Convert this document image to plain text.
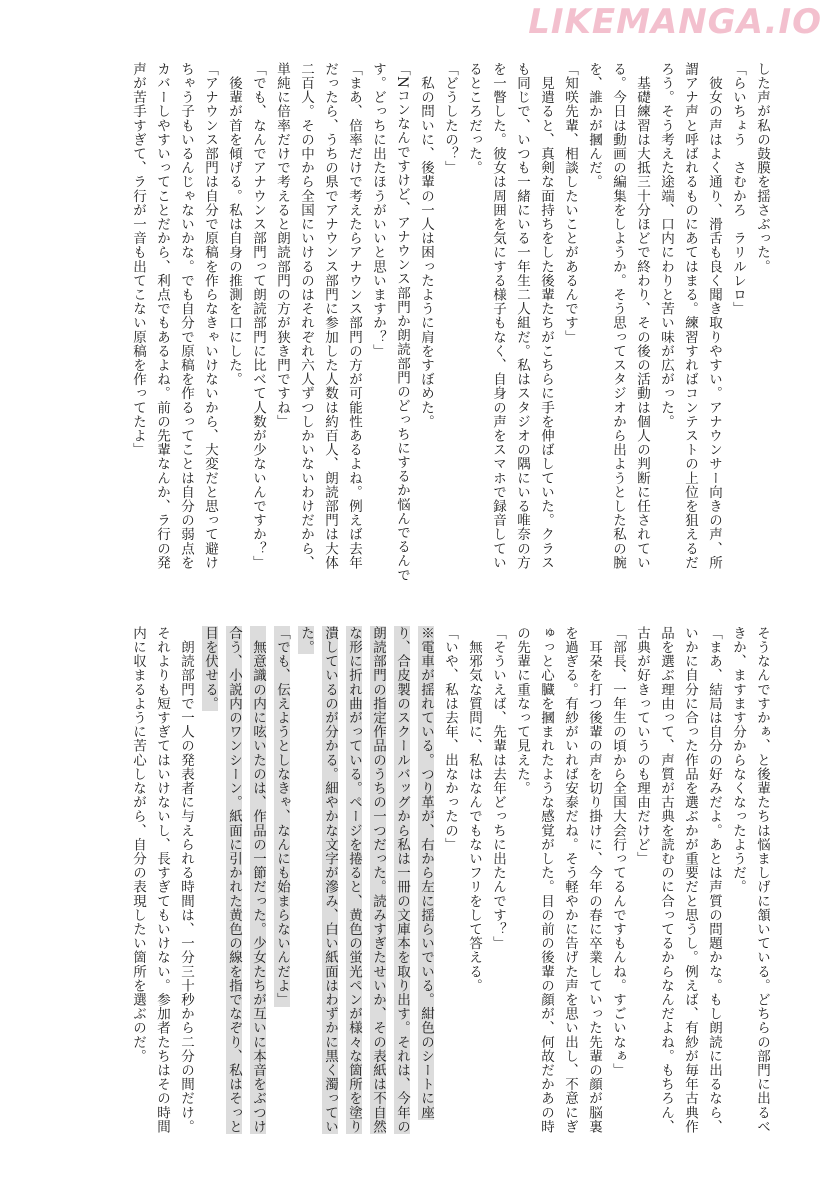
LIKEMANGA.IO

した声が私の鼓膜を揺さぶった。

「らいちょう　さむかろ　ラリルレロ」

　彼女の声はよく通り、滑舌も良く聞き取りやすい。アナウンサー向きの声、所謂アナ声と呼ばれるものにあてはまる。練習すればコンテストの上位を狙えるだろう。そう考えた途端、口内にわりと苦い味が広がった。

　基礎練習は大抵三十分ほどで終わり、その後の活動は個人の判断に任されている。今日は動画の編集をしようか。そう思ってスタジオから出ようとした私の腕を、誰かが摑んだ。

「知咲先輩、相談したいことがあるんです」

　見遣ると、真剣な面持ちをした後輩たちがこちらに手を伸ばしていた。クラスも同じで、いつも一緒にいる一年生二人組だ。私はスタジオの隅にいる唯奈の方を一瞥した。彼女は周囲を気にする様子もなく、自身の声をスマホで録音しているところだった。

「どうしたの？」

　私の問いに、後輩の一人は困ったように肩をすぼめた。

「Nコンなんですけど、アナウンス部門か朗読部門のどっちにするか悩んでるんです。どっちに出たほうがいいと思いますか？」

「まあ、倍率だけで考えたらアナウンス部門の方が可能性あるよね。例えば去年だったら、うちの県でアナウンス部門に参加した人数は約百人、朗読部門は大体二百人。その中から全国にいけるのはそれぞれ六人ずつしかいないわけだから、単純に倍率だけで考えると朗読部門の方が狭き門ですね」

「でも、なんでアナウンス部門って朗読部門に比べて人数が少ないんですか？」

　後輩が首を傾げる。私は自身の推測を口にした。

「アナウンス部門は自分で原稿を作らなきゃいけないから、大変だと思って避けちゃう子もいるんじゃないかな。でも自分で原稿を作るってことは自分の弱点をカバーしやすいってことだから、利点でもあるよね。前の先輩なんか、ラ行の発声が苦手すぎて、ラ行が一音も出てこない原稿を作ってたよ」

そうなんですかぁ、と後輩たちは悩ましげに頷いている。どちらの部門に出るべきか、ますます分からなくなったようだ。

「まあ、結局は自分の好みだよ。あとは声質の問題かな。もし朗読に出るなら、いかに自分に合った作品を選ぶかが重要だと思うし。例えば、有紗が毎年古典作品を選ぶ理由って、声質が古典を読むのに合ってるからなんだよね。もちろん、古典が好きっていうのも理由だけど」

「部長、一年生の頃から全国大会行ってるんですもんね。すごいなぁ」

　耳朶を打つ後輩の声を切り掛けに、今年の春に卒業していった先輩の顔が脳裏を過ぎる。有紗がいれば安泰だね。そう軽やかに告げた声を思い出し、不意にぎゅっと心臓を摑まれたような感覚がした。目の前の後輩の顔が、何故だかあの時の先輩に重なって見えた。

「そういえば、先輩は去年どっちに出たんです？」

　無邪気な質問に、私はなんでもないフリをして答える。

「いや、私は去年、出なかったの」

※電車が揺れている。つり革が、右から左に揺らいでいる。紺色のシートに座り、合皮製のスクールバッグから私は一冊の文庫本を取り出す。それは、今年の朗読部門の指定作品のうちの一つだった。読みすぎたせいか、その表紙は不自然な形に折れ曲がっている。ページを捲ると、黄色の蛍光ペンが様々な箇所を塗り潰しているのが分かる。細やかな文字が滲み、白い紙面はわずかに黒く濁っていた。

「でも、伝えようとしなきゃ、なんにも始まらないんだよ」

　無意識の内に呟いたのは、作品の一節だった。少女たちが互いに本音をぶつけ合う、小説内のワンシーン。紙面に引かれた黄色の線を指でなぞり、私はそっと目を伏せる。

　朗読部門で一人の発表者に与えられる時間は、一分三十秒から二分の間だけ。それよりも短すぎてはいけないし、長すぎてもいけない。参加者たちはその時間内に収まるように苦心しながら、自分の表現したい箇所を選ぶのだ。
